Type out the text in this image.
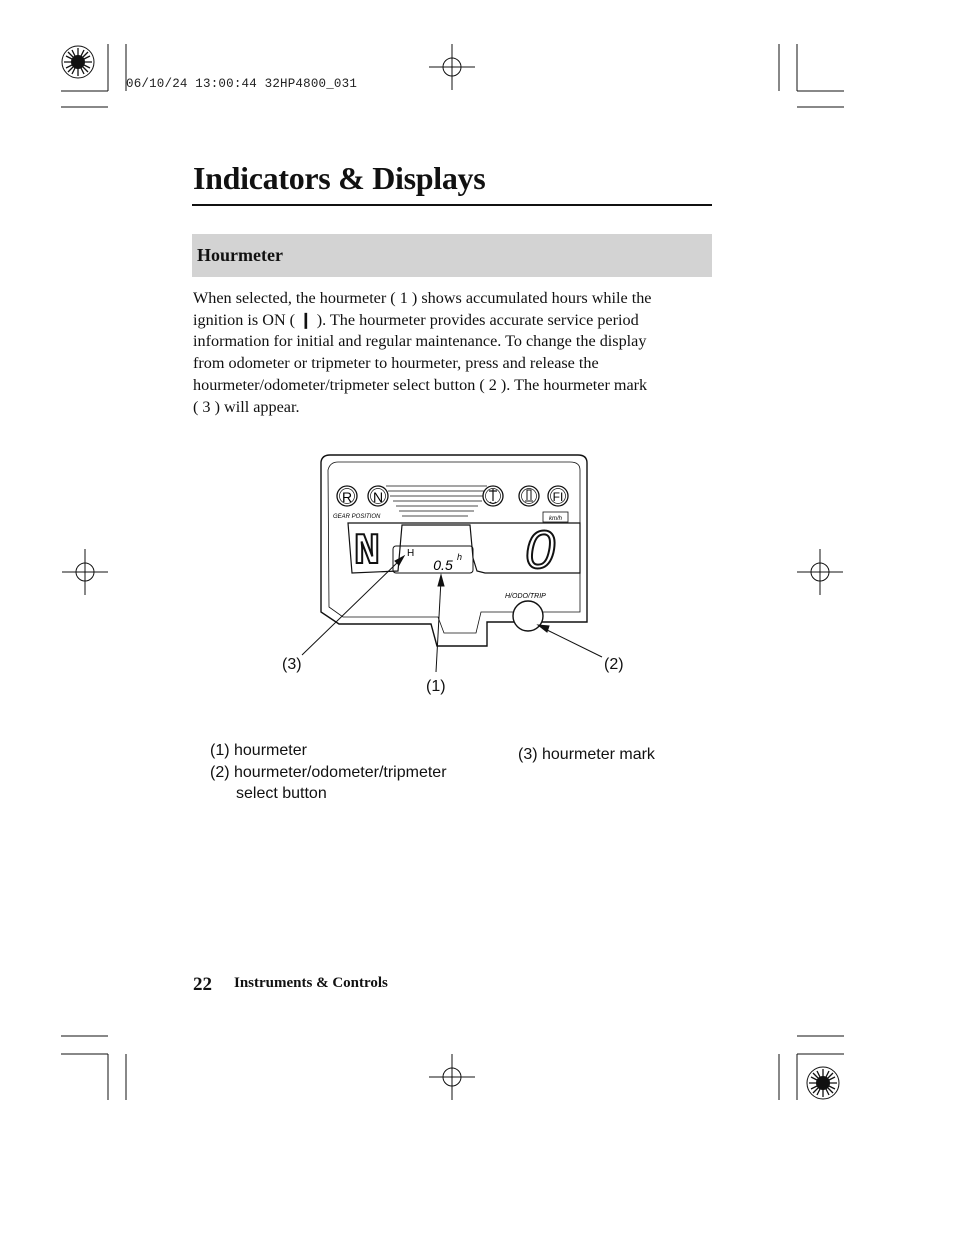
06/10/24 13:00:44 32HP4800_031
Indicators & Displays
Hourmeter

When selected, the hourmeter ( 1 ) shows accumulated hours while the

ignition is ON ( ❙ ). The hourmeter provides accurate service period

information for initial and regular maintenance. To change the display

from odometer or tripmeter to hourmeter, press and release the

hourmeter/odometer/tripmeter select button ( 2 ). The hourmeter mark

( 3 ) will appear.

R N	FI
GEAR POSITION	km/h
N	H
0.5 h 0
H/ODO/TRIP
(3)
(1)
(2)
(1) hourmeter
(2) hourmeter/odometer/tripmeter
select button
(3) hourmeter mark
22 Instruments & Controls
